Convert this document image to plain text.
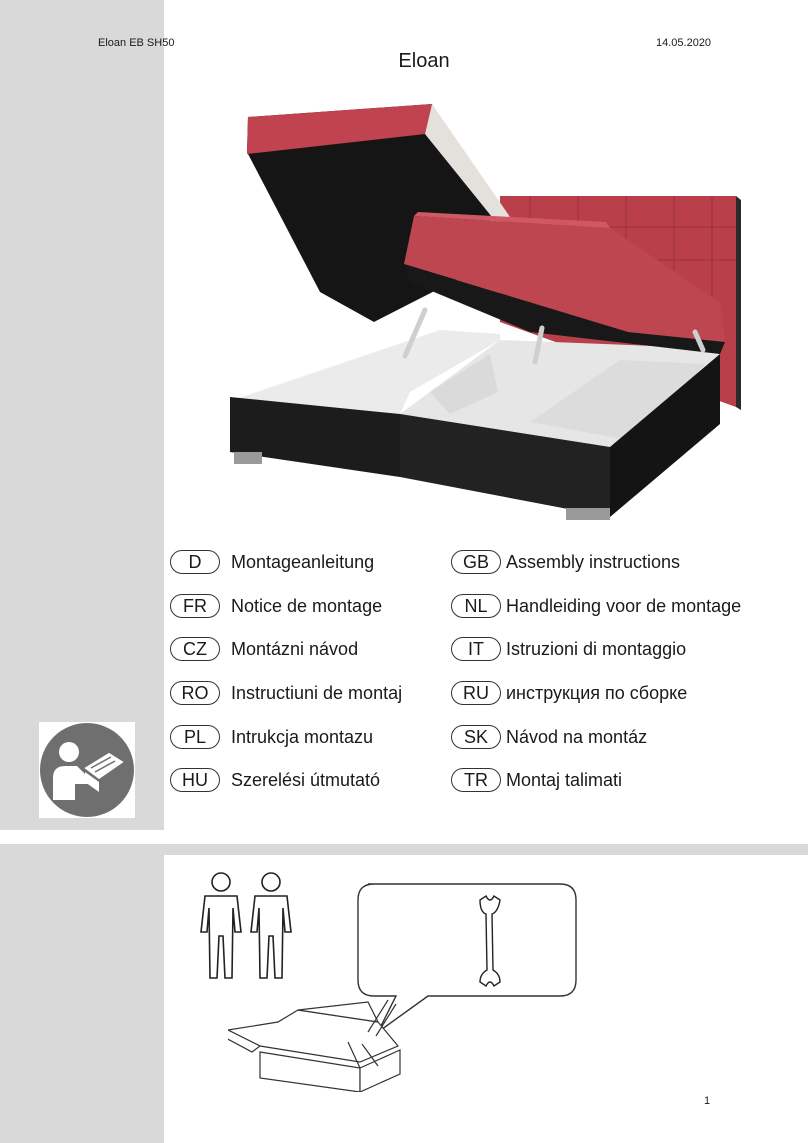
Eloan EB SH50	14.05.2020
Eloan
D	Montageanleitung
FR	Notice de montage
CZ	Montázni návod
RO	Instructiuni de montaj
PL	Intrukcja montazu
HU	Szerelési útmutató
GB Assembly instructions
NL	Handleiding voor de montage
IT	Istruzioni di montaggio
RU инструкция по сборке
SK	Návod na montáz
TR	Montaj talimati
1
